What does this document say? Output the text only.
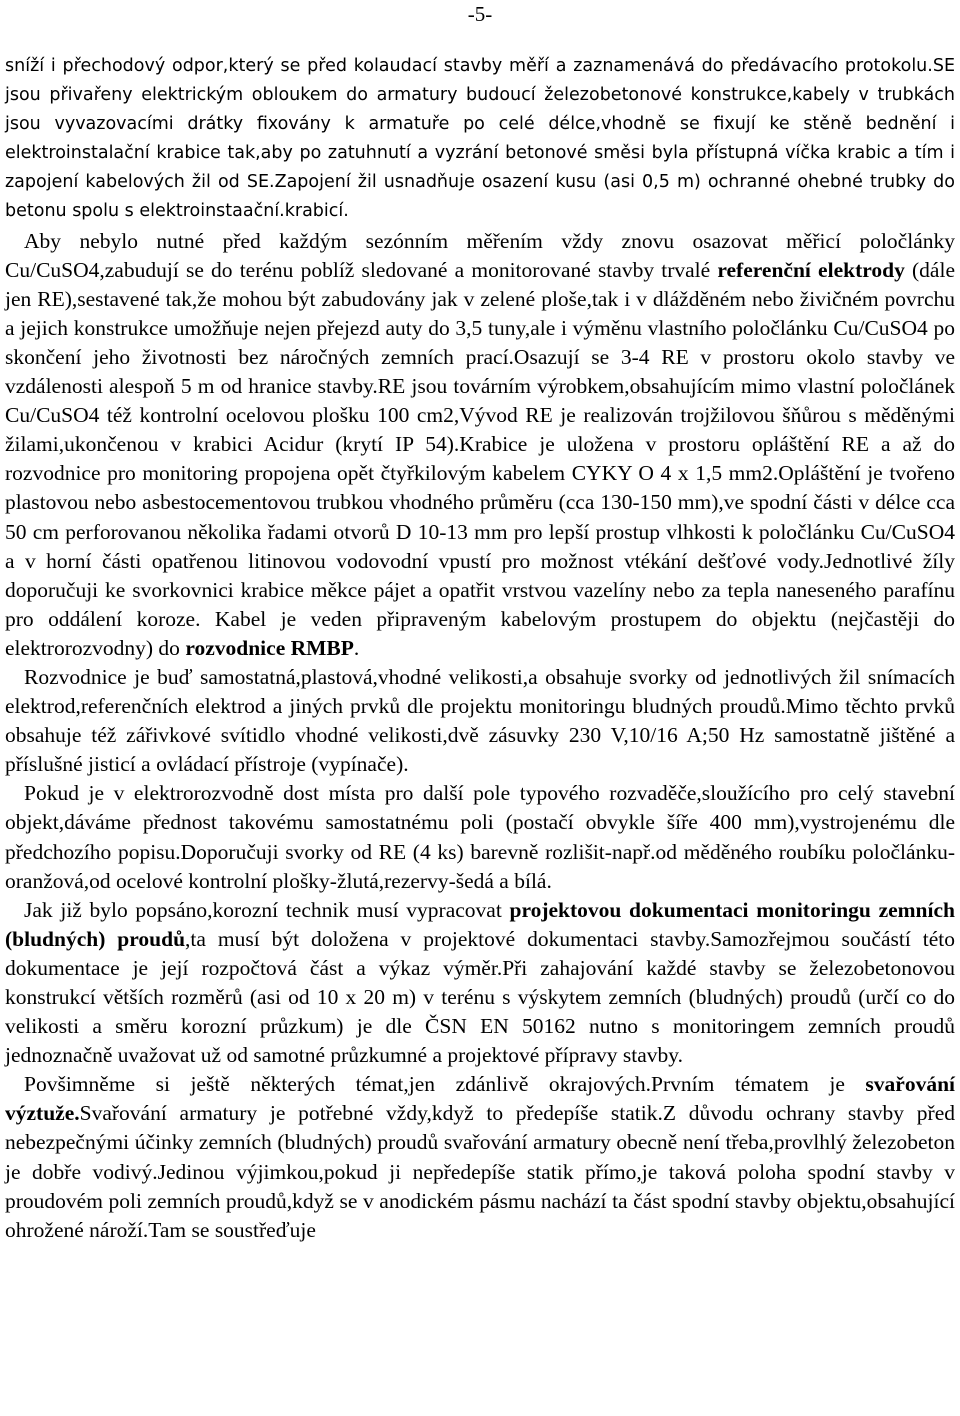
-5-

sníží i přechodový odpor,který se před kolaudací stavby měří a zaznamenává do předávacího protokolu.SE jsou přivařeny elektrickým obloukem do armatury budoucí železobetonové konstrukce,kabely v trubkách jsou vyvazovacími drátky fixovány k armatuře po celé délce,vhodně se fixují ke stěně bednění i elektroinstalační krabice tak,aby po zatuhnutí a vyzrání betonové směsi byla přístupná víčka krabic a tím i zapojení kabelových žil od SE.Zapojení žil usnadňuje osazení kusu (asi 0,5 m) ochranné ohebné trubky do betonu spolu s elektroinstaační.krabicí.

Aby nebylo nutné před každým sezónním měřením vždy znovu osazovat měřicí poločlánky Cu/CuSO4,zabudují se do terénu poblíž sledované a monitorované stavby trvalé referenční elektrody (dále jen RE),sestavené tak,že mohou být zabudovány jak v zelené ploše,tak i v dlážděném nebo živičném povrchu a jejich konstrukce umožňuje nejen přejezd auty do 3,5 tuny,ale i výměnu vlastního poločlánku Cu/CuSO4 po skončení jeho životnosti bez náročných zemních prací.Osazují se 3-4 RE v prostoru okolo stavby ve vzdálenosti alespoň 5 m od hranice stavby.RE jsou továrním výrobkem,obsahujícím mimo vlastní poločlánek Cu/CuSO4 též kontrolní ocelovou plošku 100 cm2,Vývod RE je realizován trojžilovou šňůrou s měděnými žilami,ukončenou v krabici Acidur (krytí IP 54).Krabice je uložena v prostoru opláštění RE a až do rozvodnice pro monitoring propojena opět čtyřkilovým kabelem CYKY O 4 x 1,5 mm2.Opláštění je tvořeno plastovou nebo asbestocementovou trubkou vhodného průměru (cca 130-150 mm),ve spodní části v délce cca 50 cm perforovanou několika řadami otvorů D 10-13 mm pro lepší prostup vlhkosti k poločlánku Cu/CuSO4 a v horní části opatřenou litinovou vodovodní vpustí pro možnost vtékání dešťové vody.Jednotlivé žíly doporučuji ke svorkovnici krabice měkce pájet a opatřit vrstvou vazelíny nebo za tepla naneseného parafínu pro oddálení koroze. Kabel je veden připraveným kabelovým prostupem do objektu (nejčastěji do elektrorozvodny) do rozvodnice RMBP.

Rozvodnice je buď samostatná,plastová,vhodné velikosti,a obsahuje svorky od jednotlivých žil snímacích elektrod,referenčních elektrod a jiných prvků dle projektu monitoringu bludných proudů.Mimo těchto prvků obsahuje též zářivkové svítidlo vhodné velikosti,dvě zásuvky 230 V,10/16 A;50 Hz samostatně jištěné a příslušné jisticí a ovládací přístroje (vypínače).

Pokud je v elektrorozvodně dost místa pro další pole typového rozvaděče,sloužícího pro celý stavební objekt,dáváme přednost takovému samostatnému poli (postačí obvykle šíře 400 mm),vystrojenému dle předchozího popisu.Doporučuji svorky od RE (4 ks) barevně rozlišit-např.od měděného roubíku poločlánku-oranžová,od ocelové kontrolní plošky-žlutá,rezervy-šedá a bílá.

Jak již bylo popsáno,korozní technik musí vypracovat projektovou dokumentaci monitoringu zemních (bludných) proudů,ta musí být doložena v projektové dokumentaci stavby.Samozřejmou součástí této dokumentace je její rozpočtová část a výkaz výměr.Při zahajování každé stavby se železobetonovou konstrukcí větších rozměrů (asi od 10 x 20 m) v terénu s výskytem zemních (bludných) proudů (určí co do velikosti a směru korozní průzkum) je dle ČSN EN 50162 nutno s monitoringem zemních proudů jednoznačně uvažovat už od samotné průzkumné a projektové přípravy stavby.

Povšimněme si ještě některých témat,jen zdánlivě okrajových.Prvním tématem je svařování výztuže.Svařování armatury je potřebné vždy,když to předepíše statik.Z důvodu ochrany stavby před nebezpečnými účinky zemních (bludných) proudů svařování armatury obecně není třeba,provlhlý železobeton je dobře vodivý.Jedinou výjimkou,pokud ji nepředepíše statik přímo,je taková poloha spodní stavby v proudovém poli zemních proudů,když se v anodickém pásmu nachází ta část spodní stavby objektu,obsahující ohrožené nároží.Tam se soustřeďuje
